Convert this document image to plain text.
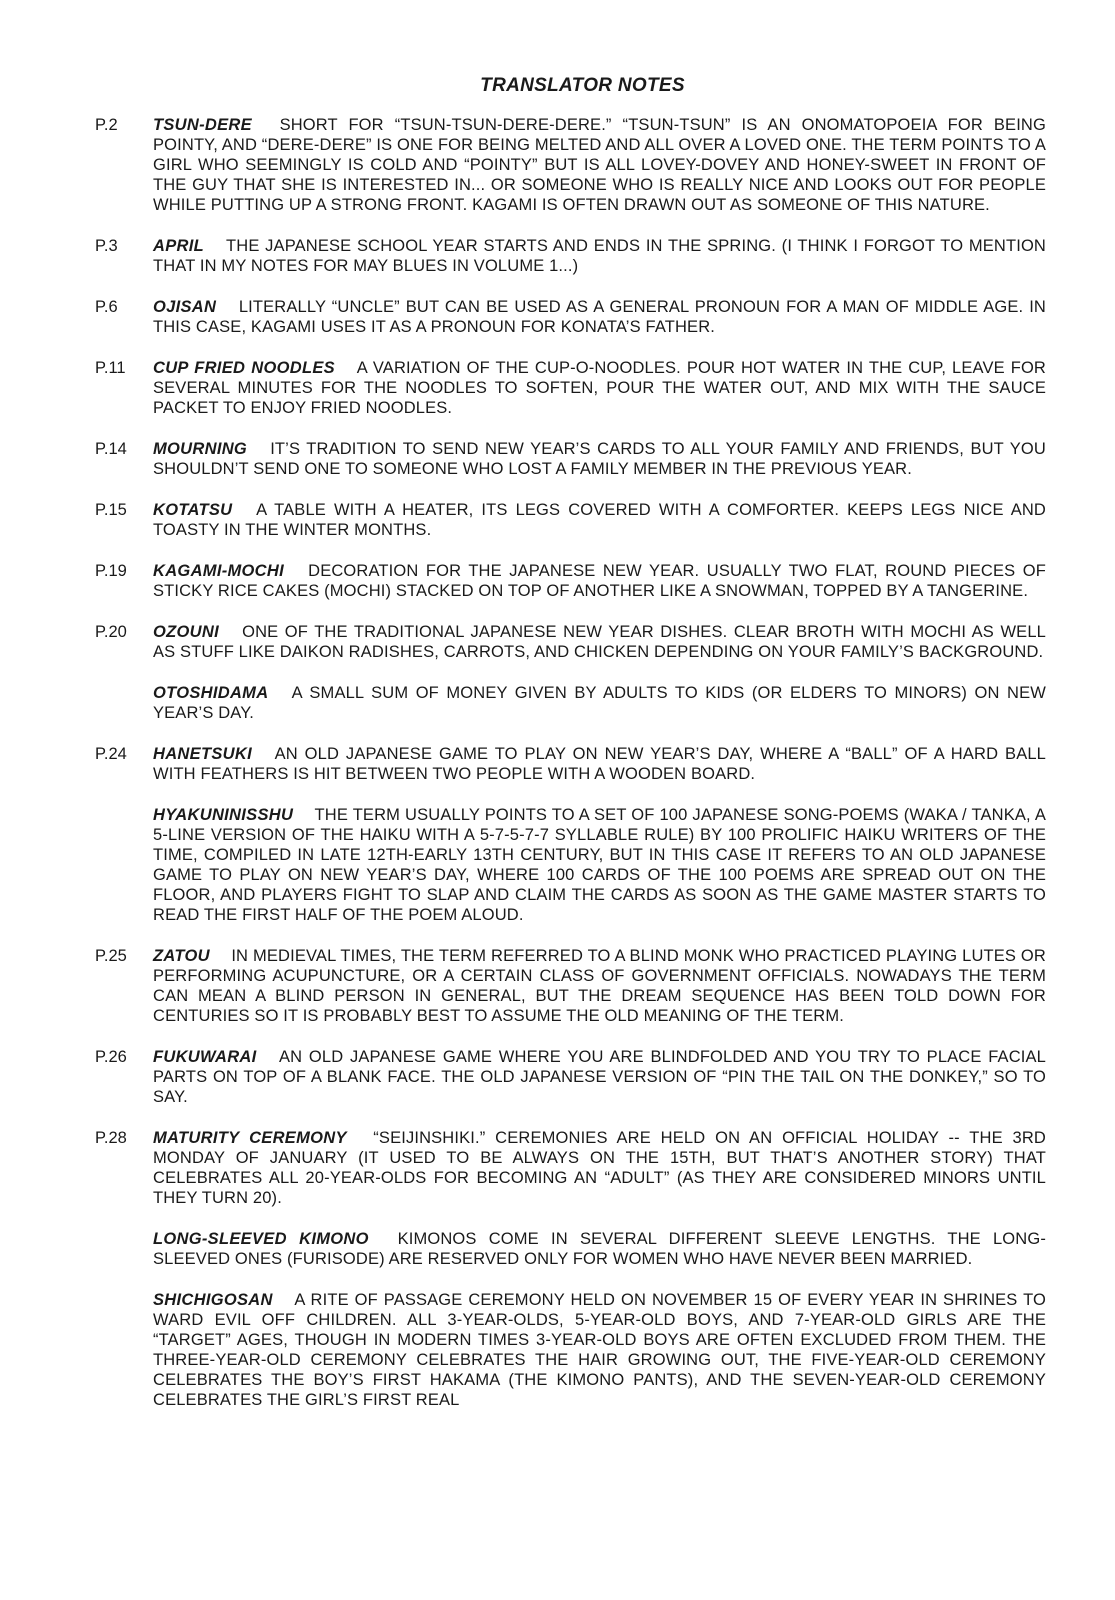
TRANSLATOR NOTES
P.2 TSUN-DERE  SHORT FOR “TSUN-TSUN-DERE-DERE.” “TSUN-TSUN” IS AN ONOMATOPOEIA FOR BEING POINTY, AND “DERE-DERE” IS ONE FOR BEING MELTED AND ALL OVER A LOVED ONE. THE TERM POINTS TO A GIRL WHO SEEMINGLY IS COLD AND “POINTY” BUT IS ALL LOVEY-DOVEY AND HONEY-SWEET IN FRONT OF THE GUY THAT SHE IS INTERESTED IN... OR SOMEONE WHO IS REALLY NICE AND LOOKS OUT FOR PEOPLE WHILE PUTTING UP A STRONG FRONT. KAGAMI IS OFTEN DRAWN OUT AS SOMEONE OF THIS NATURE.
P.3 APRIL  THE JAPANESE SCHOOL YEAR STARTS AND ENDS IN THE SPRING. (I THINK I FORGOT TO MENTION THAT IN MY NOTES FOR MAY BLUES IN VOLUME 1...)
P.6 OJISAN  LITERALLY “UNCLE” BUT CAN BE USED AS A GENERAL PRONOUN FOR A MAN OF MIDDLE AGE. IN THIS CASE, KAGAMI USES IT AS A PRONOUN FOR KONATA’S FATHER.
P.11 CUP FRIED NOODLES  A VARIATION OF THE CUP-O-NOODLES. POUR HOT WATER IN THE CUP, LEAVE FOR SEVERAL MINUTES FOR THE NOODLES TO SOFTEN, POUR THE WATER OUT, AND MIX WITH THE SAUCE PACKET TO ENJOY FRIED NOODLES.
P.14 MOURNING  IT’S TRADITION TO SEND NEW YEAR’S CARDS TO ALL YOUR FAMILY AND FRIENDS, BUT YOU SHOULDN’T SEND ONE TO SOMEONE WHO LOST A FAMILY MEMBER IN THE PREVIOUS YEAR.
P.15 KOTATSU  A TABLE WITH A HEATER, ITS LEGS COVERED WITH A COMFORTER. KEEPS LEGS NICE AND TOASTY IN THE WINTER MONTHS.
P.19 KAGAMI-MOCHI  DECORATION FOR THE JAPANESE NEW YEAR. USUALLY TWO FLAT, ROUND PIECES OF STICKY RICE CAKES (MOCHI) STACKED ON TOP OF ANOTHER LIKE A SNOWMAN, TOPPED BY A TANGERINE.
P.20 OZOUNI  ONE OF THE TRADITIONAL JAPANESE NEW YEAR DISHES. CLEAR BROTH WITH MOCHI AS WELL AS STUFF LIKE DAIKON RADISHES, CARROTS, AND CHICKEN DEPENDING ON YOUR FAMILY’S BACKGROUND.
OTOSHIDAMA  A SMALL SUM OF MONEY GIVEN BY ADULTS TO KIDS (OR ELDERS TO MINORS) ON NEW YEAR’S DAY.
P.24 HANETSUKI  AN OLD JAPANESE GAME TO PLAY ON NEW YEAR’S DAY, WHERE A “BALL” OF A HARD BALL WITH FEATHERS IS HIT BETWEEN TWO PEOPLE WITH A WOODEN BOARD.
HYAKUNINISSHU  THE TERM USUALLY POINTS TO A SET OF 100 JAPANESE SONG-POEMS (WAKA / TANKA, A 5-LINE VERSION OF THE HAIKU WITH A 5-7-5-7-7 SYLLABLE RULE) BY 100 PROLIFIC HAIKU WRITERS OF THE TIME, COMPILED IN LATE 12TH-EARLY 13TH CENTURY, BUT IN THIS CASE IT REFERS TO AN OLD JAPANESE GAME TO PLAY ON NEW YEAR’S DAY, WHERE 100 CARDS OF THE 100 POEMS ARE SPREAD OUT ON THE FLOOR, AND PLAYERS FIGHT TO SLAP AND CLAIM THE CARDS AS SOON AS THE GAME MASTER STARTS TO READ THE FIRST HALF OF THE POEM ALOUD.
P.25 ZATOU  IN MEDIEVAL TIMES, THE TERM REFERRED TO A BLIND MONK WHO PRACTICED PLAYING LUTES OR PERFORMING ACUPUNCTURE, OR A CERTAIN CLASS OF GOVERNMENT OFFICIALS. NOWADAYS THE TERM CAN MEAN A BLIND PERSON IN GENERAL, BUT THE DREAM SEQUENCE HAS BEEN TOLD DOWN FOR CENTURIES SO IT IS PROBABLY BEST TO ASSUME THE OLD MEANING OF THE TERM.
P.26 FUKUWARAI  AN OLD JAPANESE GAME WHERE YOU ARE BLINDFOLDED AND YOU TRY TO PLACE FACIAL PARTS ON TOP OF A BLANK FACE. THE OLD JAPANESE VERSION OF “PIN THE TAIL ON THE DONKEY,” SO TO SAY.
P.28 MATURITY CEREMONY  “SEIJINSHIKI.” CEREMONIES ARE HELD ON AN OFFICIAL HOLIDAY -- THE 3RD MONDAY OF JANUARY (IT USED TO BE ALWAYS ON THE 15TH, BUT THAT’S ANOTHER STORY) THAT CELEBRATES ALL 20-YEAR-OLDS FOR BECOMING AN “ADULT” (AS THEY ARE CONSIDERED MINORS UNTIL THEY TURN 20).
LONG-SLEEVED KIMONO  KIMONOS COME IN SEVERAL DIFFERENT SLEEVE LENGTHS. THE LONG-SLEEVED ONES (FURISODE) ARE RESERVED ONLY FOR WOMEN WHO HAVE NEVER BEEN MARRIED.
SHICHIGOSAN  A RITE OF PASSAGE CEREMONY HELD ON NOVEMBER 15 OF EVERY YEAR IN SHRINES TO WARD EVIL OFF CHILDREN. ALL 3-YEAR-OLDS, 5-YEAR-OLD BOYS, AND 7-YEAR-OLD GIRLS ARE THE “TARGET” AGES, THOUGH IN MODERN TIMES 3-YEAR-OLD BOYS ARE OFTEN EXCLUDED FROM THEM. THE THREE-YEAR-OLD CEREMONY CELEBRATES THE HAIR GROWING OUT, THE FIVE-YEAR-OLD CEREMONY CELEBRATES THE BOY’S FIRST HAKAMA (THE KIMONO PANTS), AND THE SEVEN-YEAR-OLD CEREMONY CELEBRATES THE GIRL’S FIRST REAL
